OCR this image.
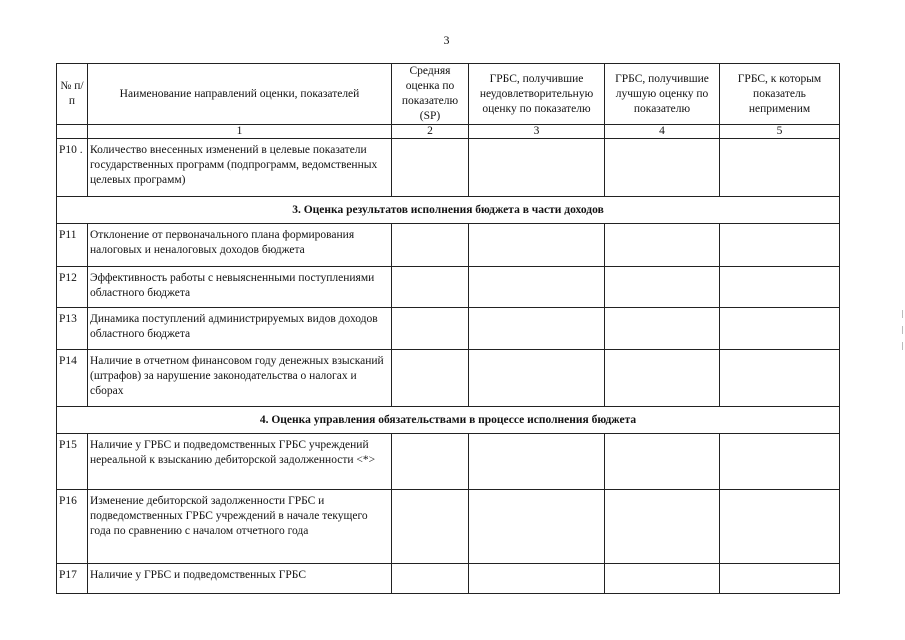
3
№ п/п	Наименование направлений оценки, показателей	Средняя оценка по показателю (SP)	ГРБС, получившие неудовлетворительную оценку по показателю	ГРБС, получившие лучшую оценку по показателю	ГРБС, к которым показатель неприменим
	1	2	3	4	5
P10 .	Количество внесенных изменений в целевые показатели государственных программ (подпрограмм, ведомственных целевых программ)				
3. Оценка результатов исполнения бюджета в части доходов					
P11	Отклонение от первоначального плана формирования налоговых и неналоговых доходов бюджета				
P12	Эффективность работы с невыясненными поступлениями областного бюджета				
P13	Динамика поступлений администрируемых видов доходов областного бюджета				
P14	Наличие в отчетном финансовом году денежных взысканий (штрафов) за нарушение законодательства о налогах и сборах				
4. Оценка управления обязательствами в процессе исполнения бюджета					
P15	Наличие у ГРБС и подведомственных ГРБС учреждений нереальной к взысканию дебиторской задолженности <*>				
P16	Изменение дебиторской задолженности ГРБС и подведомственных ГРБС учреждений в начале текущего года по сравнению с началом отчетного года				
P17	Наличие у ГРБС и подведомственных ГРБС				
